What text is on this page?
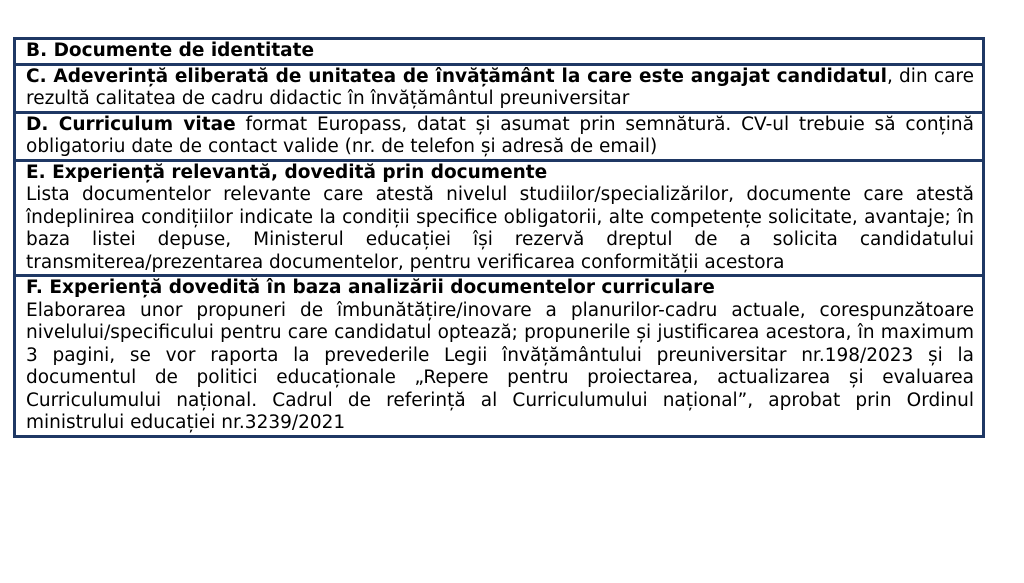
B. Documente de identitate
C. Adeverință eliberată de unitatea de învățământ la care este angajat candidatul, din care rezultă calitatea de cadru didactic în învățământul preuniversitar
D. Curriculum vitae format Europass, datat și asumat prin semnătură. CV-ul trebuie să conțină obligatoriu date de contact valide (nr. de telefon și adresă de email)
E. Experiență relevantă, dovedită prin documente
Lista documentelor relevante care atestă nivelul studiilor/specializărilor, documente care atestă îndeplinirea condițiilor indicate la condiții specifice obligatorii, alte competențe solicitate, avantaje; în baza listei depuse, Ministerul educației își rezervă dreptul de a solicita candidatului transmiterea/prezentarea documentelor, pentru verificarea conformității acestora
F. Experiență dovedită în baza analizării documentelor curriculare
Elaborarea unor propuneri de îmbunătățire/inovare a planurilor-cadru actuale, corespunzătoare nivelului/specificului pentru care candidatul optează; propunerile și justificarea acestora, în maximum 3 pagini, se vor raporta la prevederile Legii învățământului preuniversitar nr.198/2023 și la documentul de politici educaționale „Repere pentru proiectarea, actualizarea și evaluarea Curriculumului național. Cadrul de referință al Curriculumului național”, aprobat prin Ordinul ministrului educației nr.3239/2021
